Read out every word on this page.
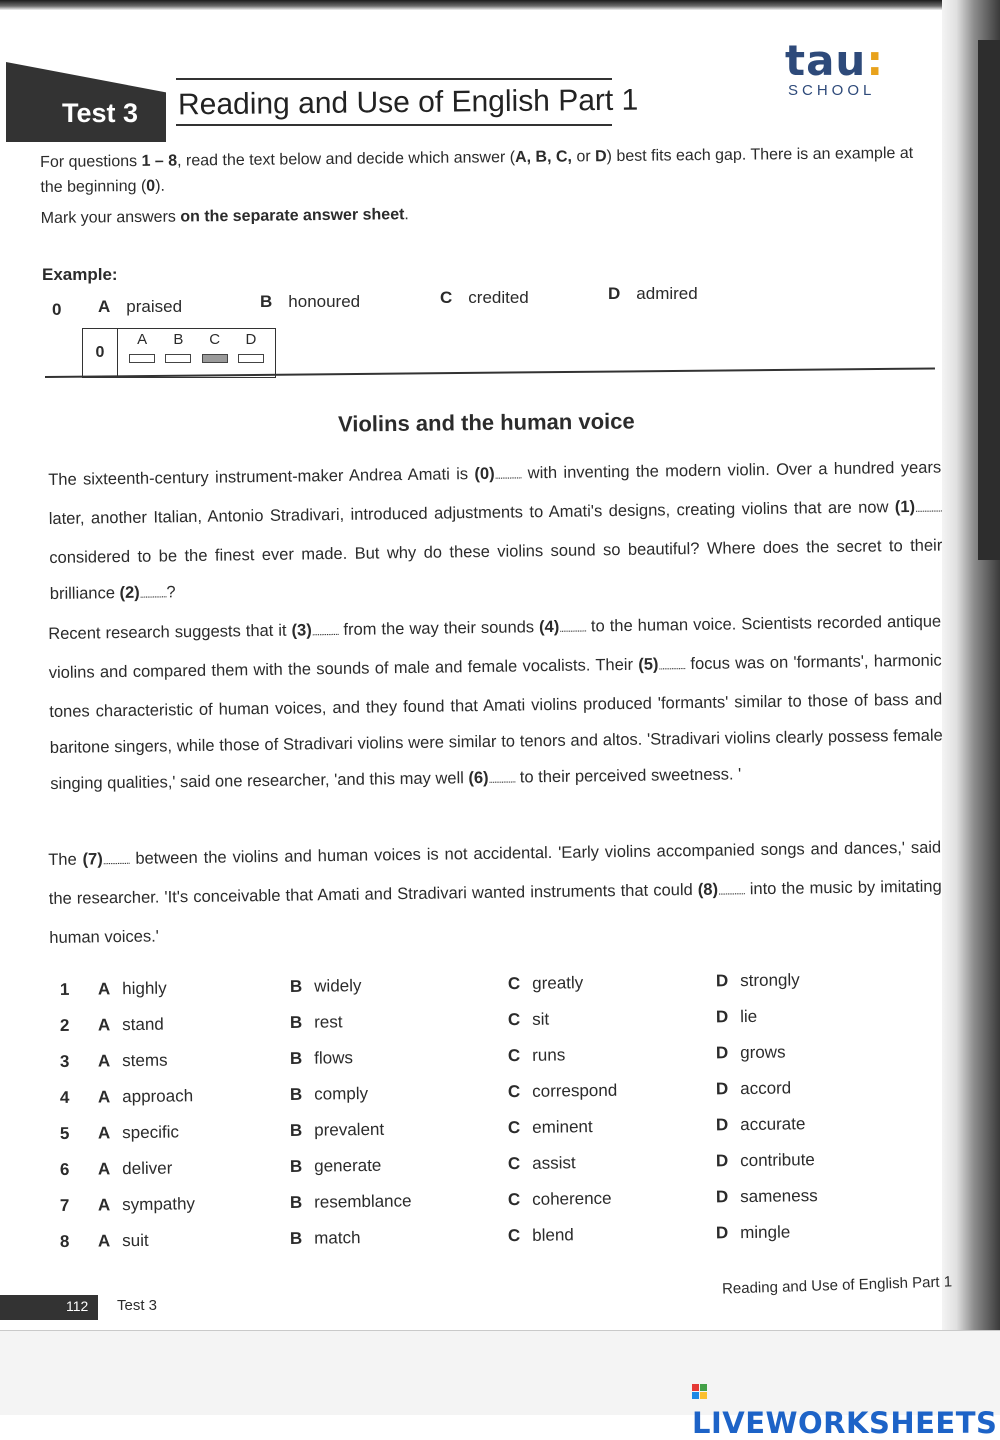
tau:
SCHOOL
Test 3 Reading and Use of English Part 1

For questions 1 – 8, read the text below and decide which answer (A, B, C, or D) best fits each gap. There is an example at the beginning (0).

Mark your answers on the separate answer sheet.

Example:
0 A praised	B honoured	C credited	D admired
0
A B C D
Violins and the human voice

The sixteenth-century instrument-maker Andrea Amati is (0)............... with inventing the modern violin. Over a hundred years later, another Italian, Antonio Stradivari, introduced adjustments to Amati's designs, creating violins that are now (1)............... considered to be the finest ever made. But why do these violins sound so beautiful? Where does the secret to their brilliance (2)...............?

Recent research suggests that it (3)............... from the way their sounds (4)............... to the human voice. Scientists recorded antique violins and compared them with the sounds of male and female vocalists. Their (5)............... focus was on 'formants', harmonic tones characteristic of human voices, and they found that Amati violins produced 'formants' similar to those of bass and baritone singers, while those of Stradivari violins were similar to tenors and altos. 'Stradivari violins clearly possess female singing qualities,' said one researcher, 'and this may well (6)............... to their perceived sweetness. '

The (7)............... between the violins and human voices is not accidental. 'Early violins accompanied songs and dances,' said the researcher. 'It's conceivable that Amati and Stradivari wanted instruments that could (8)............... into the music by imitating human voices.'

1 A highly	B widely	C greatly	D strongly
2 A stand	B rest	C sit	D lie
3 A stems	B flows	C runs	D grows
4 A approach	B comply	C correspond	D accord
5 A specific	B prevalent	C eminent	D accurate
6 A deliver	B generate	C assist	D contribute
7 A sympathy	B resemblance	C coherence	D sameness
8 A suit	B match	C blend	D mingle
112 Test 3
Reading and Use of English Part 1
LIVEWORKSHEETS
